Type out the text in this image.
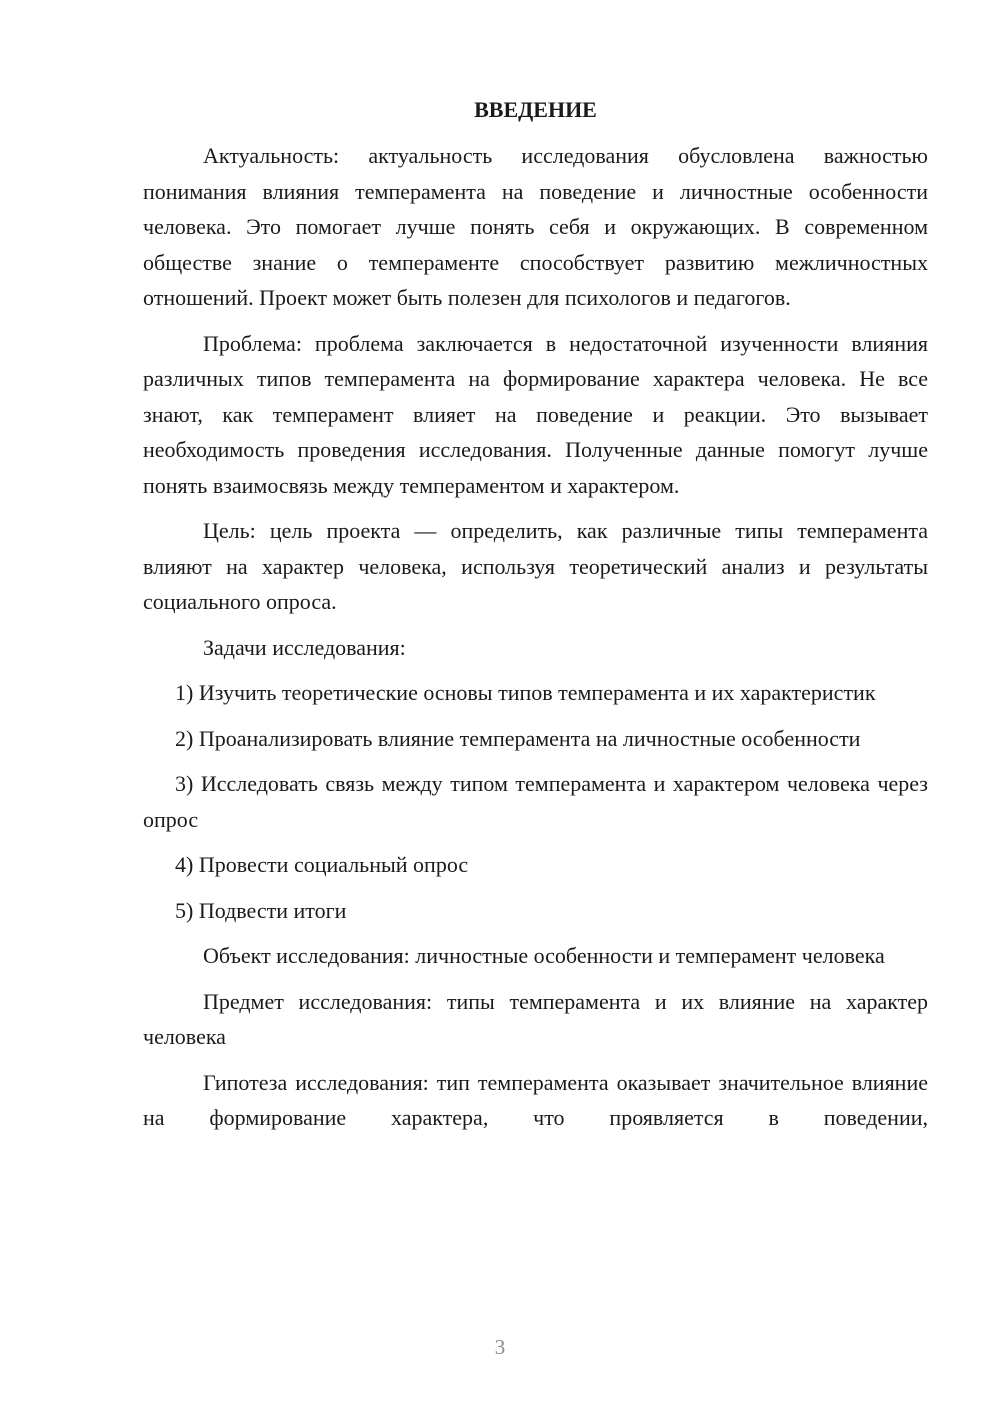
ВВЕДЕНИЕ

Актуальность: актуальность исследования обусловлена важностью понимания влияния темперамента на поведение и личностные особенности человека. Это помогает лучше понять себя и окружающих. В современном обществе знание о темпераменте способствует развитию межличностных отношений. Проект может быть полезен для психологов и педагогов.

Проблема: проблема заключается в недостаточной изученности влияния различных типов темперамента на формирование характера человека. Не все знают, как темперамент влияет на поведение и реакции. Это вызывает необходимость проведения исследования. Полученные данные помогут лучше понять взаимосвязь между темпераментом и характером.

Цель: цель проекта — определить, как различные типы темперамента влияют на характер человека, используя теоретический анализ и результаты социального опроса.

Задачи исследования:

1) Изучить теоретические основы типов темперамента и их характеристик

2) Проанализировать влияние темперамента на личностные особенности

3) Исследовать связь между типом темперамента и характером человека через опрос

4) Провести социальный опрос

5) Подвести итоги

Объект исследования: личностные особенности и темперамент человека

Предмет исследования: типы темперамента и их влияние на характер человека

Гипотеза исследования: тип темперамента оказывает значительное влияние на формирование характера, что проявляется в поведении,

3
